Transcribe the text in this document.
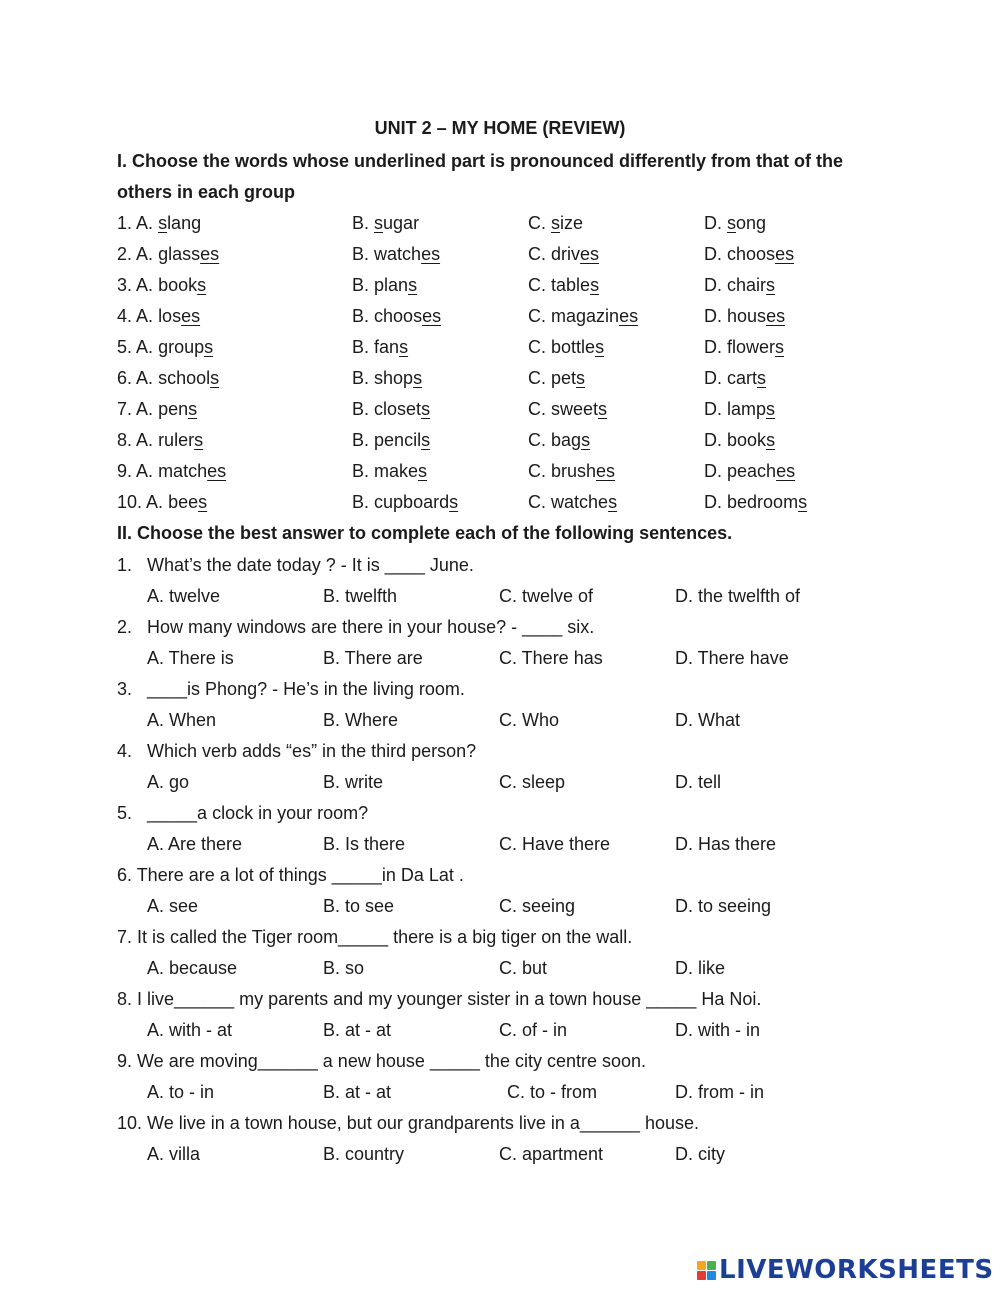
UNIT 2 – MY HOME (REVIEW)
I. Choose the words whose underlined part is pronounced differently from that of the
others in each group
1. A. slang	B. sugar	C. size	D. song
2. A. glasses	B. watches	C. drives	D. chooses
3. A. books	B. plans	C. tables	D. chairs
4. A. loses	B. chooses	C. magazines	D. houses
5. A. groups	B. fans	C. bottles	D. flowers
6. A. schools	B. shops	C. pets	D. carts
7. A. pens	B. closets	C. sweets	D. lamps
8. A. rulers	B. pencils	C. bags	D. books
9. A. matches	B. makes	C. brushes	D. peaches
10. A. bees	B. cupboards	C. watches	D. bedrooms
II. Choose the best answer to complete each of the following sentences.
1. What’s the date today ? - It is ____ June.
A. twelve	B. twelfth	C. twelve of	D. the twelfth of
2. How many windows are there in your house? - ____ six.
A. There is	B. There are	C. There has	D. There have
3. ____is Phong? - He’s in the living room.
A. When	B. Where	C. Who	D. What
4. Which verb adds “es” in the third person?
A. go	B. write	C. sleep	D. tell
5. _____a clock in your room?
A. Are there	B. Is there	C. Have there	D. Has there
6. There are a lot of things _____in Da Lat .
A. see	B. to see	C. seeing	D. to seeing
7. It is called the Tiger room_____ there is a big tiger on the wall.
A. because	B. so	C. but	D. like
8. I live______ my parents and my younger sister in a town house _____ Ha Noi.
A. with - at	B. at - at	C. of - in	D. with - in
9. We are moving______ a new house _____ the city centre soon.
A. to - in	B. at - at	C. to - from	D. from - in
10. We live in a town house, but our grandparents live in a______ house.
A. villa	B. country	C. apartment	D. city
LIVEWORKSHEETS
